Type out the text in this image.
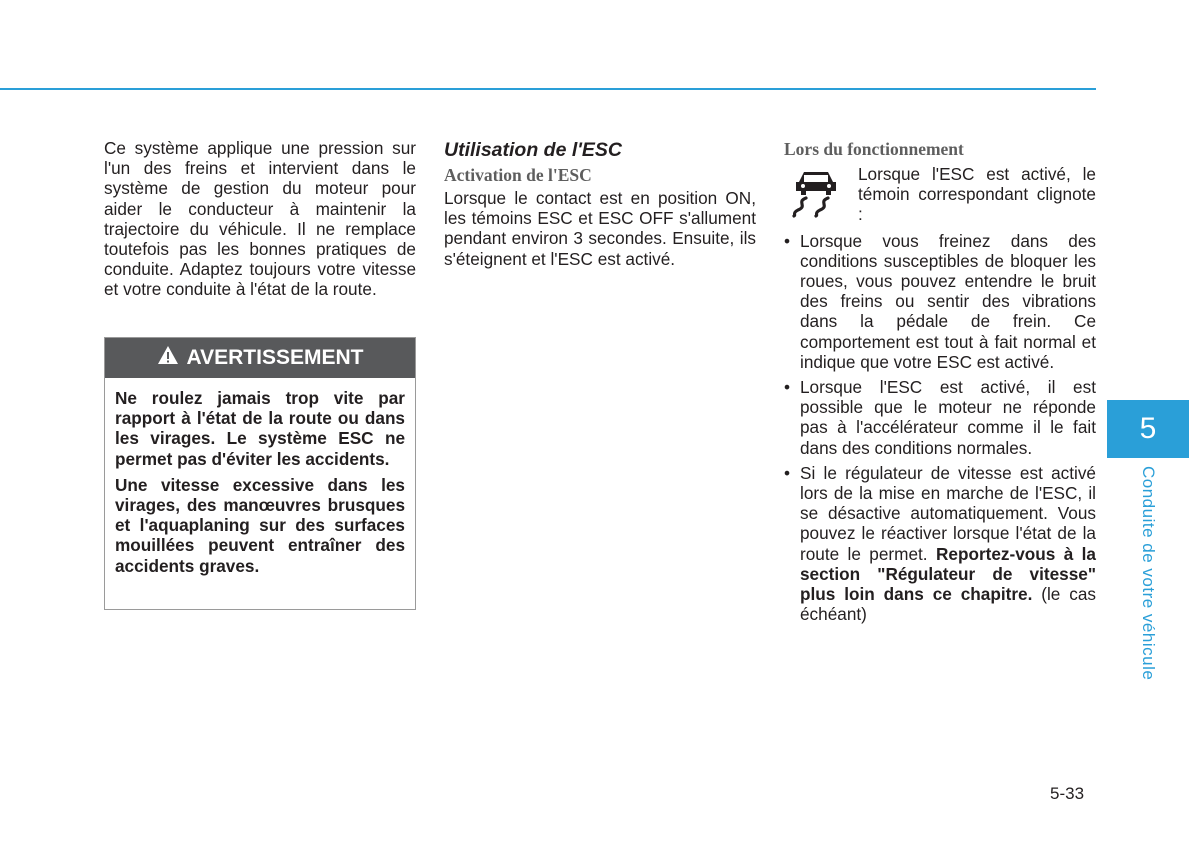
Ce système applique une pression sur l'un des freins et intervient dans le système de gestion du moteur pour aider le conducteur à maintenir la trajectoire du véhicule. Il ne remplace toutefois pas les bonnes pratiques de conduite. Adaptez toujours votre vitesse et votre conduite à l'état de la route.

AVERTISSEMENT

Ne roulez jamais trop vite par rapport à l'état de la route ou dans les virages. Le système ESC ne permet pas d'éviter les accidents.

Une vitesse excessive dans les virages, des manœuvres brusques et l'aquaplaning sur des surfaces mouillées peuvent entraîner des accidents graves.

Utilisation de l'ESC
Activation de l'ESC

Lorsque le contact est en position ON, les témoins ESC et ESC OFF s'allument pendant environ 3 secondes. Ensuite, ils s'éteignent et l'ESC est activé.

Lors du fonctionnement
Lorsque l'ESC est activé, le témoin correspondant clignote :
• Lorsque vous freinez dans des conditions susceptibles de bloquer les roues, vous pouvez entendre le bruit des freins ou sentir des vibrations dans la pédale de frein. Ce comportement est tout à fait normal et indique que votre ESC est activé.
• Lorsque l'ESC est activé, il est possible que le moteur ne réponde pas à l'accélérateur comme il le fait dans des conditions normales.
• Si le régulateur de vitesse est activé lors de la mise en marche de l'ESC, il se désactive automatiquement. Vous pouvez le réactiver lorsque l'état de la route le permet. Reportez-vous à la section "Régulateur de vitesse" plus loin dans ce chapitre. (le cas échéant)
5
Conduite de votre véhicule
5-33
